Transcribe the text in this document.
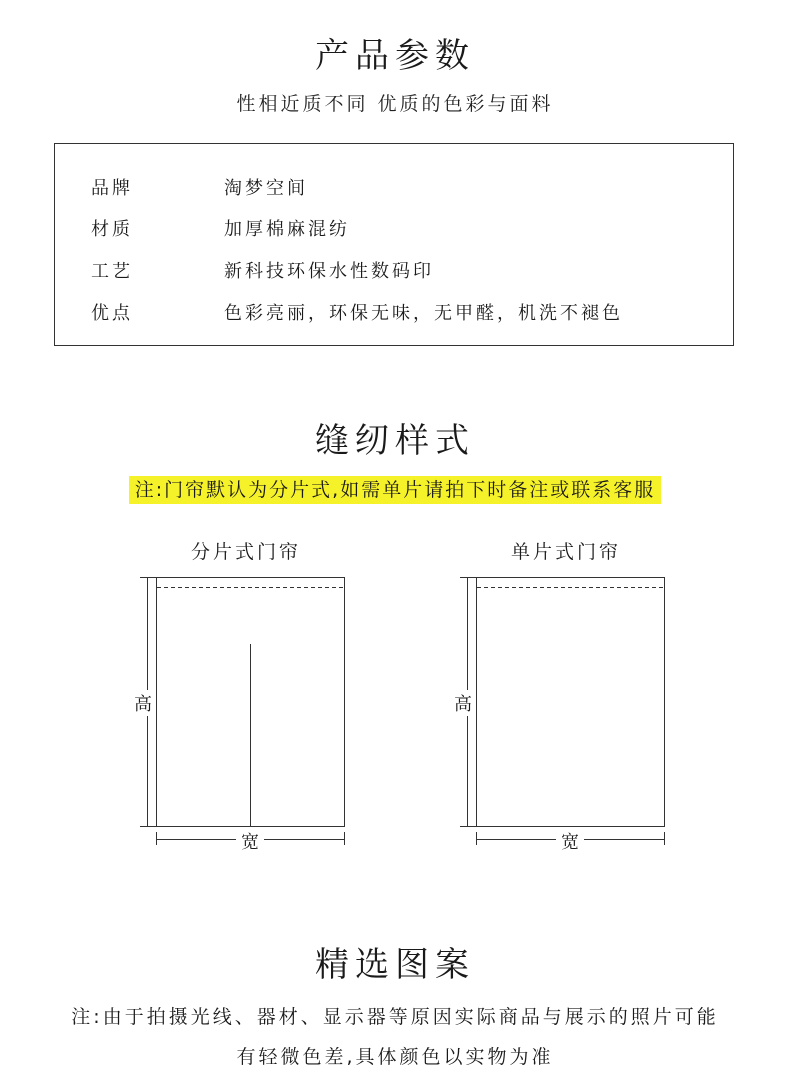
产品参数
性相近质不同 优质的色彩与面料
品牌	淘梦空间
材质	加厚棉麻混纺
工艺	新科技环保水性数码印
优点	色彩亮丽，环保无味，无甲醛，机洗不褪色
缝纫样式
注:门帘默认为分片式,如需单片请拍下时备注或联系客服
分片式门帘
高
宽
单片式门帘
高
宽
精选图案
注:由于拍摄光线、器材、显示器等原因实际商品与展示的照片可能
有轻微色差,具体颜色以实物为准
